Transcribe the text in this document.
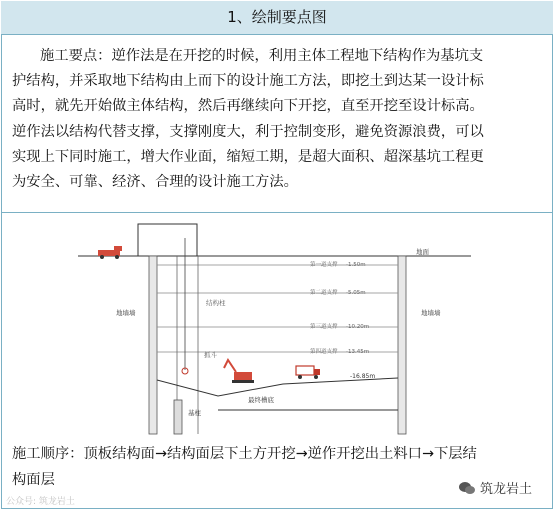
1、绘制要点图

施工要点：逆作法是在开挖的时候，利用主体工程地下结构作为基坑支
护结构，并采取地下结构由上而下的设计施工方法，即挖土到达某一设计标
高时，就先开始做主体结构，然后再继续向下开挖，直至开挖至设计标高。
逆作法以结构代替支撑，支撑刚度大，利于控制变形，避免资源浪费，可以
实现上下同时施工，增大作业面，缩短工期，是超大面积、超深基坑工程更
为安全、可靠、经济、合理的设计施工方法。

地面
地墙墙	地墙墙
结构柱
抓斗
最终槽底
基柱
第一道支撑 -1.50m
第二道支撑 -5.05m
第三道支撑 -10.20m
第四道支撑 -13.45m
-16.85m

施工顺序：顶板结构面→结构面层下土方开挖→逆作开挖出土料口→下层结
构面层

公众号: 筑龙岩土
筑龙岩土
